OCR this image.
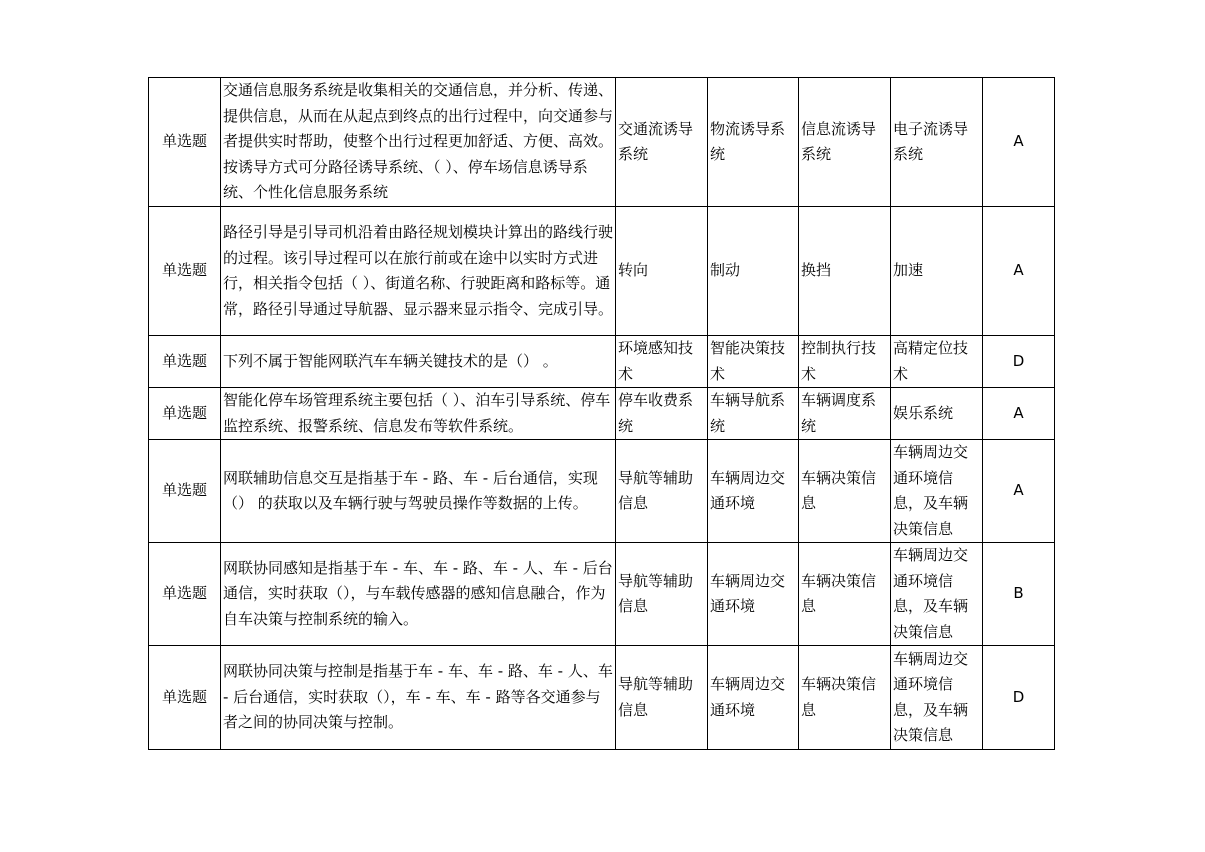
单选题	交通信息服务系统是收集相关的交通信息，并分析、传递、提供信息，从而在从起点到终点的出行过程中，向交通参与者提供实时帮助，使整个出行过程更加舒适、方便、高效。按诱导方式可分路径诱导系统、（ ）、停车场信息诱导系统、个性化信息服务系统	交通流诱导系统	物流诱导系统	信息流诱导系统	电子流诱导系统	A
单选题	路径引导是引导司机沿着由路径规划模块计算出的路线行驶的过程。该引导过程可以在旅行前或在途中以实时方式进行，相关指令包括（ ）、街道名称、行驶距离和路标等。通常，路径引导通过导航器、显示器来显示指令、完成引导。	转向	制动	换挡	加速	A
单选题	下列不属于智能网联汽车车辆关键技术的是（） 。	环境感知技术	智能决策技术	控制执行技术	高精定位技术	D
单选题	智能化停车场管理系统主要包括（ ）、泊车引导系统、停车监控系统、报警系统、信息发布等软件系统。	停车收费系统	车辆导航系统	车辆调度系统	娱乐系统	A
单选题	网联辅助信息交互是指基于车 - 路、车 - 后台通信，实现（） 的获取以及车辆行驶与驾驶员操作等数据的上传。	导航等辅助信息	车辆周边交通环境	车辆决策信息	车辆周边交通环境信息，及车辆决策信息	A
单选题	网联协同感知是指基于车 - 车、车 - 路、车 - 人、车 - 后台通信，实时获取（），与车载传感器的感知信息融合，作为自车决策与控制系统的输入。	导航等辅助信息	车辆周边交通环境	车辆决策信息	车辆周边交通环境信息，及车辆决策信息	B
单选题	网联协同决策与控制是指基于车 - 车、车 - 路、车 - 人、车 - 后台通信，实时获取（），车 - 车、车 - 路等各交通参与者之间的协同决策与控制。	导航等辅助信息	车辆周边交通环境	车辆决策信息	车辆周边交通环境信息，及车辆决策信息	D
